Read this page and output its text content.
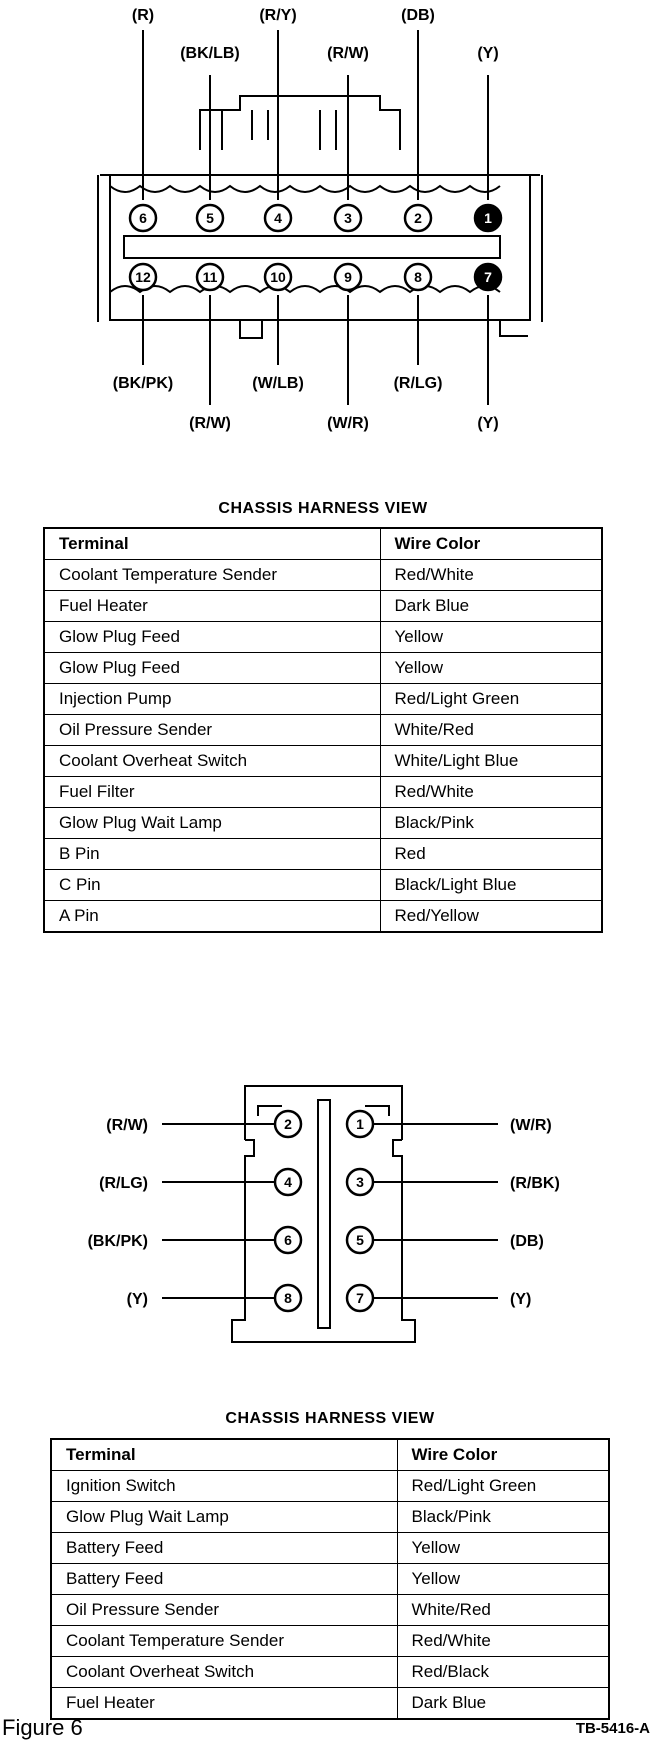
(R)
(BK/LB)
(R/Y)
(R/W)
(DB)
(Y)
6	5	4	3	2	1
12	11	10	9	8	7
(BK/PK)
(R/W)
(W/LB)
(W/R)
(R/LG)
(Y)
CHASSIS HARNESS VIEW
Terminal	Wire Color
Coolant Temperature Sender	Red/White
Fuel Heater	Dark Blue
Glow Plug Feed	Yellow
Glow Plug Feed	Yellow
Injection Pump	Red/Light Green
Oil Pressure Sender	White/Red
Coolant Overheat Switch	White/Light Blue
Fuel Filter	Red/White
Glow Plug Wait Lamp	Black/Pink
B Pin	Red
C Pin	Black/Light Blue
A Pin	Red/Yellow
2
4
6
8
1
3
5
7
(R/W)
(R/LG)
(BK/PK)
(Y)
(W/R)
(R/BK)
(DB)
(Y)
CHASSIS HARNESS VIEW
Terminal	Wire Color
Ignition Switch	Red/Light Green
Glow Plug Wait Lamp	Black/Pink
Battery Feed	Yellow
Battery Feed	Yellow
Oil Pressure Sender	White/Red
Coolant Temperature Sender	Red/White
Coolant Overheat Switch	Red/Black
Fuel Heater	Dark Blue
Figure 6	TB-5416-A
